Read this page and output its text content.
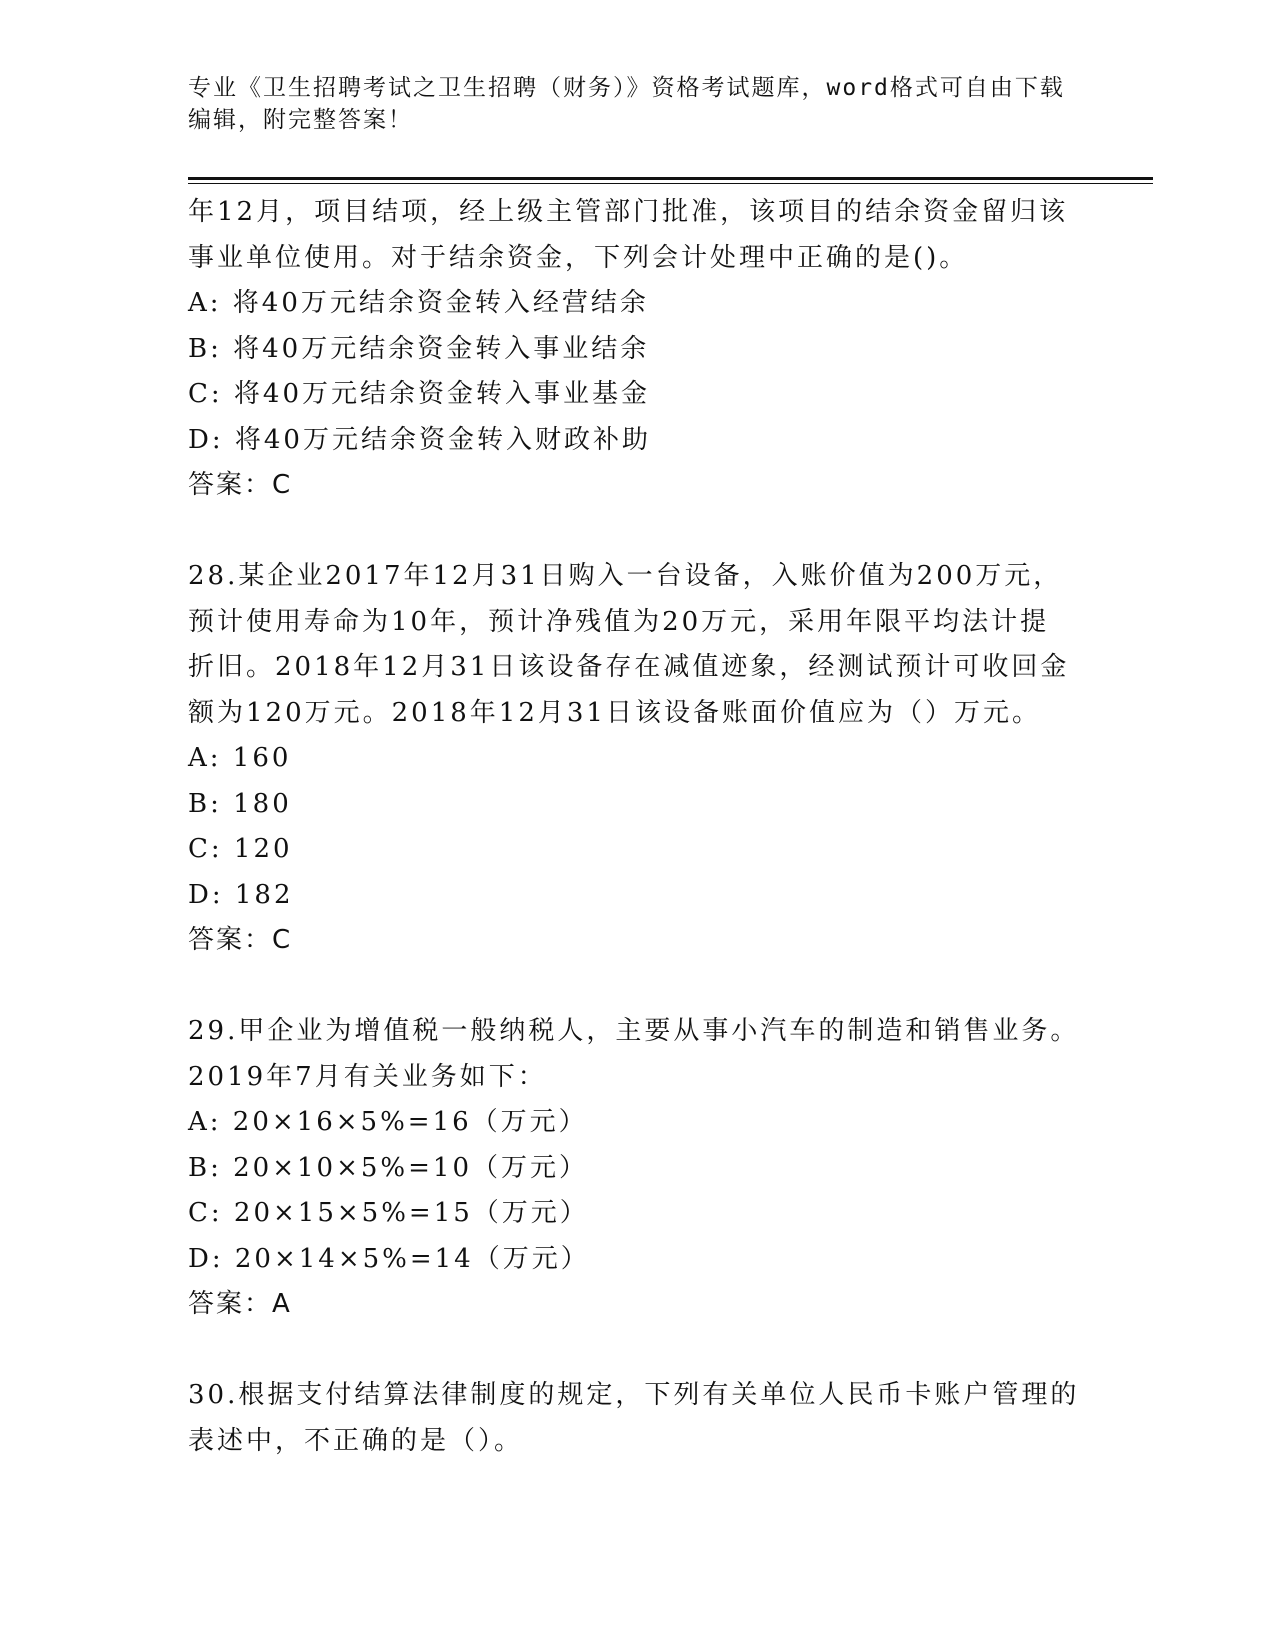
专业《卫生招聘考试之卫生招聘（财务）》资格考试题库，word格式可自由下载
编辑，附完整答案！
年12月，项目结项，经上级主管部门批准，该项目的结余资金留归该
事业单位使用。对于结余资金，下列会计处理中正确的是()。
A: 将40万元结余资金转入经营结余
B: 将40万元结余资金转入事业结余
C: 将40万元结余资金转入事业基金
D: 将40万元结余资金转入财政补助
答案：C
28.某企业2017年12月31日购入一台设备，入账价值为200万元，
预计使用寿命为10年，预计净残值为20万元，采用年限平均法计提
折旧。2018年12月31日该设备存在减值迹象，经测试预计可收回金
额为120万元。2018年12月31日该设备账面价值应为（）万元。
A: 160
B: 180
C: 120
D: 182
答案：C
29.甲企业为增值税一般纳税人，主要从事小汽车的制造和销售业务。
2019年7月有关业务如下：
A: 20×16×5%=16（万元）
B: 20×10×5%=10（万元）
C: 20×15×5%=15（万元）
D: 20×14×5%=14（万元）
答案：A
30.根据支付结算法律制度的规定，下列有关单位人民币卡账户管理的
表述中，不正确的是（）。
